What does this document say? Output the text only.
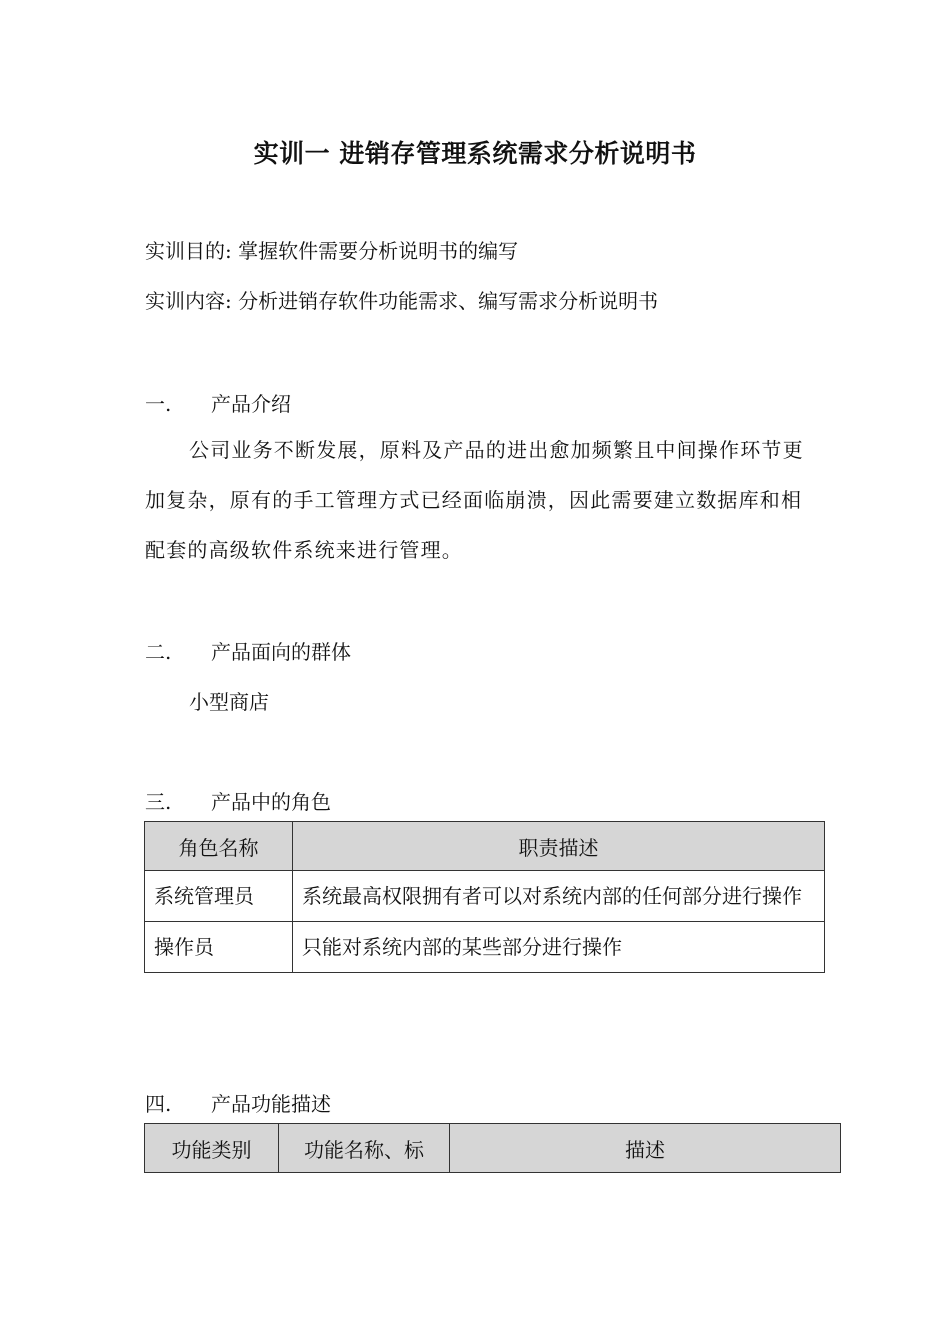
实训一 进销存管理系统需求分析说明书
实训目的: 掌握软件需要分析说明书的编写
实训内容: 分析进销存软件功能需求、编写需求分析说明书
一. 产品介绍
公司业务不断发展，原料及产品的进出愈加频繁且中间操作环节更加复杂，原有的手工管理方式已经面临崩溃，因此需要建立数据库和相配套的高级软件系统来进行管理。
二. 产品面向的群体
小型商店
三. 产品中的角色
角色名称	职责描述
系统管理员	系统最高权限拥有者可以对系统内部的任何部分进行操作
操作员	只能对系统内部的某些部分进行操作
四. 产品功能描述
功能类别	功能名称、标	描述
